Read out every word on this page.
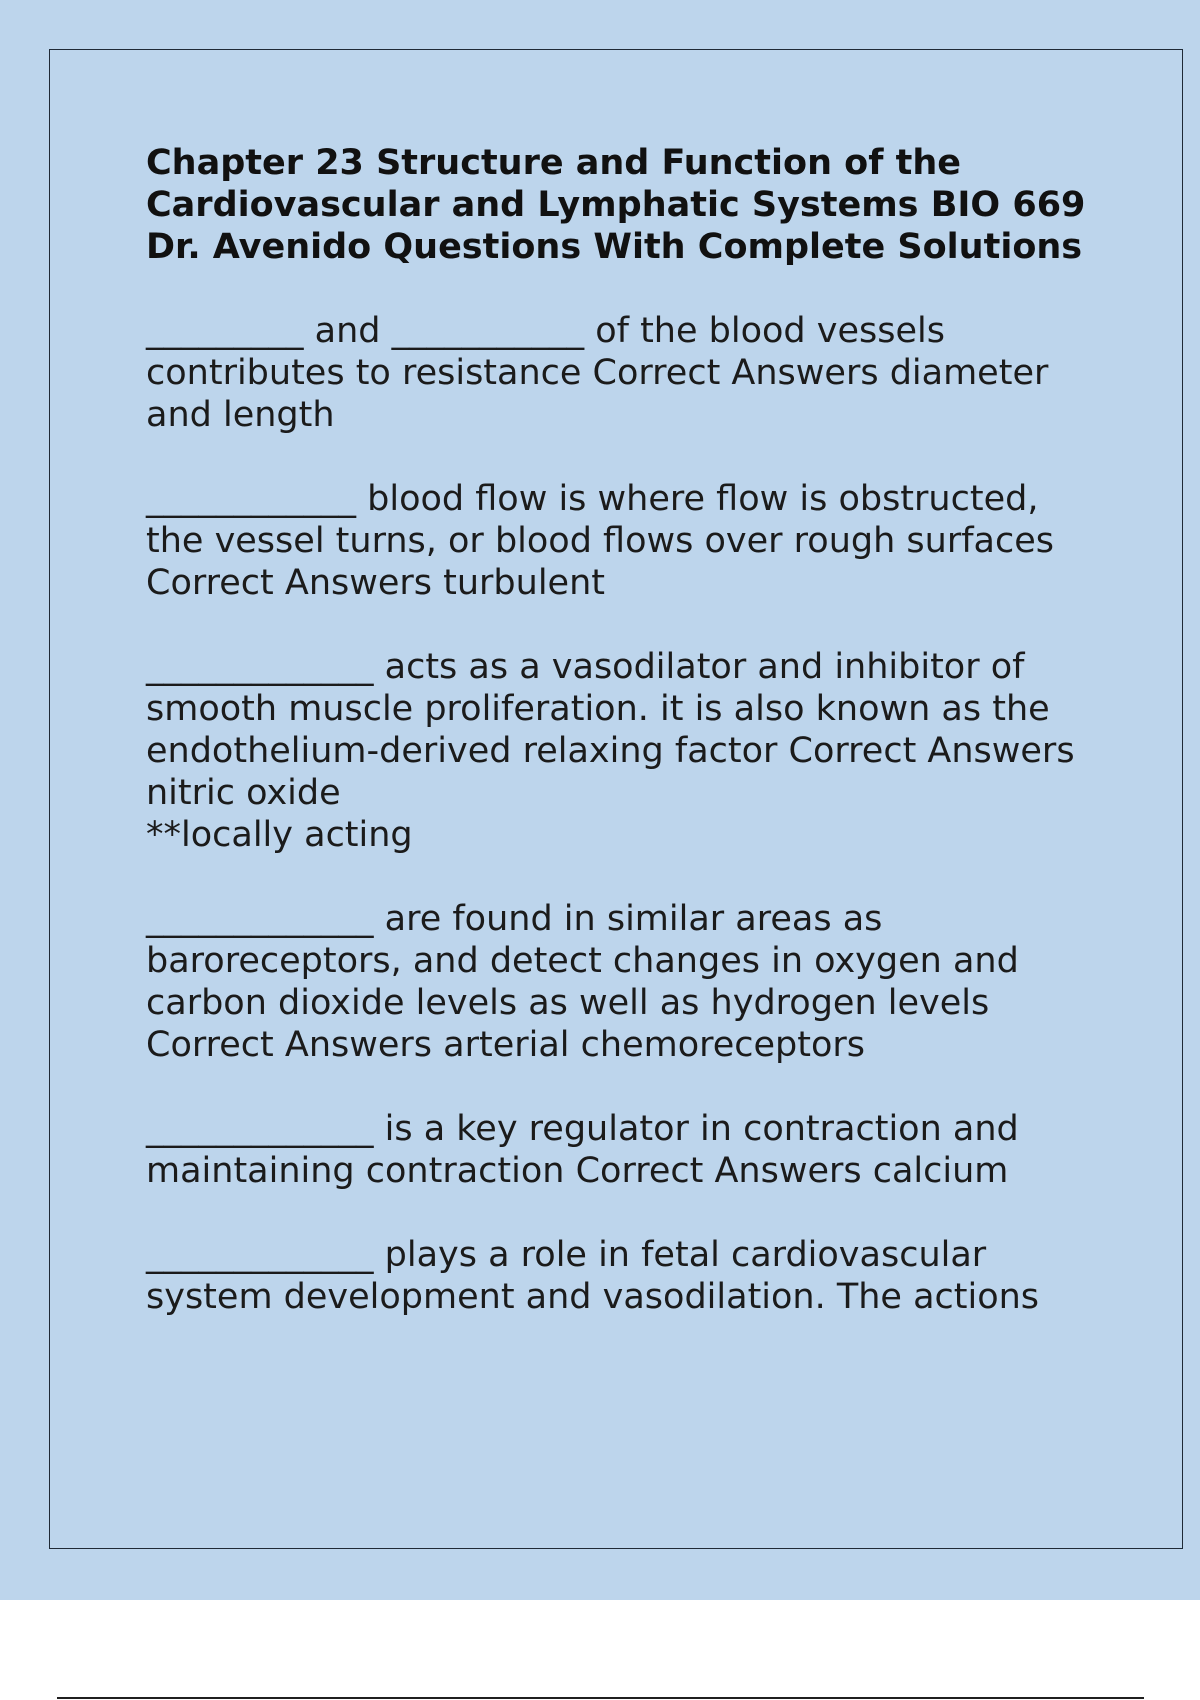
Chapter 23 Structure and Function of the Cardiovascular and Lymphatic Systems BIO 669 Dr. Avenido Questions With Complete Solutions

_________ and ___________ of the blood vessels contributes to resistance Correct Answers diameter and length

____________ blood flow is where flow is obstructed, the vessel turns, or blood flows over rough surfaces Correct Answers turbulent

_____________ acts as a vasodilator and inhibitor of smooth muscle proliferation. it is also known as the endothelium-derived relaxing factor Correct Answers nitric oxide

**locally acting

_____________ are found in similar areas as baroreceptors, and detect changes in oxygen and carbon dioxide levels as well as hydrogen levels Correct Answers arterial chemoreceptors

_____________ is a key regulator in contraction and maintaining contraction Correct Answers calcium

_____________ plays a role in fetal cardiovascular system development and vasodilation. The actions
